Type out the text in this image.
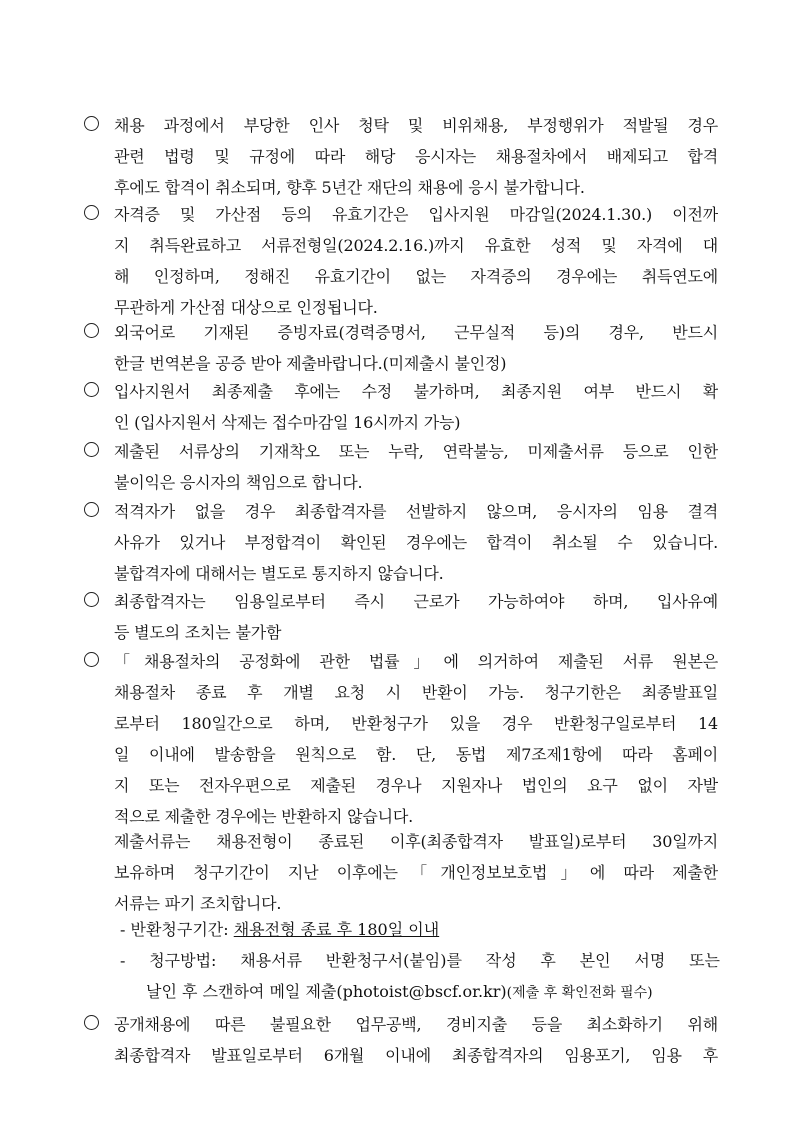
채용 과정에서 부당한 인사 청탁 및 비위채용, 부정행위가 적발될 경우
관련 법령 및 규정에 따라 해당 응시자는 채용절차에서 배제되고 합격
후에도 합격이 취소되며, 향후 5년간 재단의 채용에 응시 불가합니다.
자격증 및 가산점 등의 유효기간은 입사지원 마감일(2024.1.30.) 이전까
지 취득완료하고 서류전형일(2024.2.16.)까지 유효한 성적 및 자격에 대
해 인정하며, 정해진 유효기간이 없는 자격증의 경우에는 취득연도에
무관하게 가산점 대상으로 인정됩니다.
외국어로 기재된 증빙자료(경력증명서, 근무실적 등)의 경우, 반드시
한글 번역본을 공증 받아 제출바랍니다.(미제출시 불인정)
입사지원서 최종제출 후에는 수정 불가하며, 최종지원 여부 반드시 확
인 (입사지원서 삭제는 접수마감일 16시까지 가능)
제출된 서류상의 기재착오 또는 누락, 연락불능, 미제출서류 등으로 인한
불이익은 응시자의 책임으로 합니다.
적격자가 없을 경우 최종합격자를 선발하지 않으며, 응시자의 임용 결격
사유가 있거나 부정합격이 확인된 경우에는 합격이 취소될 수 있습니다.
불합격자에 대해서는 별도로 통지하지 않습니다.
최종합격자는 임용일로부터 즉시 근로가 가능하여야 하며, 입사유예
등 별도의 조치는 불가함
「채용절차의 공정화에 관한 법률」에 의거하여 제출된 서류 원본은
채용절차 종료 후 개별 요청 시 반환이 가능. 청구기한은 최종발표일
로부터 180일간으로 하며, 반환청구가 있을 경우 반환청구일로부터 14
일 이내에 발송함을 원칙으로 함. 단, 동법 제7조제1항에 따라 홈페이
지 또는 전자우편으로 제출된 경우나 지원자나 법인의 요구 없이 자발
적으로 제출한 경우에는 반환하지 않습니다.
제출서류는 채용전형이 종료된 이후(최종합격자 발표일)로부터 30일까지
보유하며 청구기간이 지난 이후에는「개인정보보호법」에 따라 제출한
서류는 파기 조치합니다.
- 반환청구기간: 채용전형 종료 후 180일 이내
- 청구방법: 채용서류 반환청구서(붙임)를 작성 후 본인 서명 또는
날인 후 스캔하여 메일 제출(photoist@bscf.or.kr)(제출 후 확인전화 필수)
공개채용에 따른 불필요한 업무공백, 경비지출 등을 최소화하기 위해
최종합격자 발표일로부터 6개월 이내에 최종합격자의 임용포기, 임용 후
